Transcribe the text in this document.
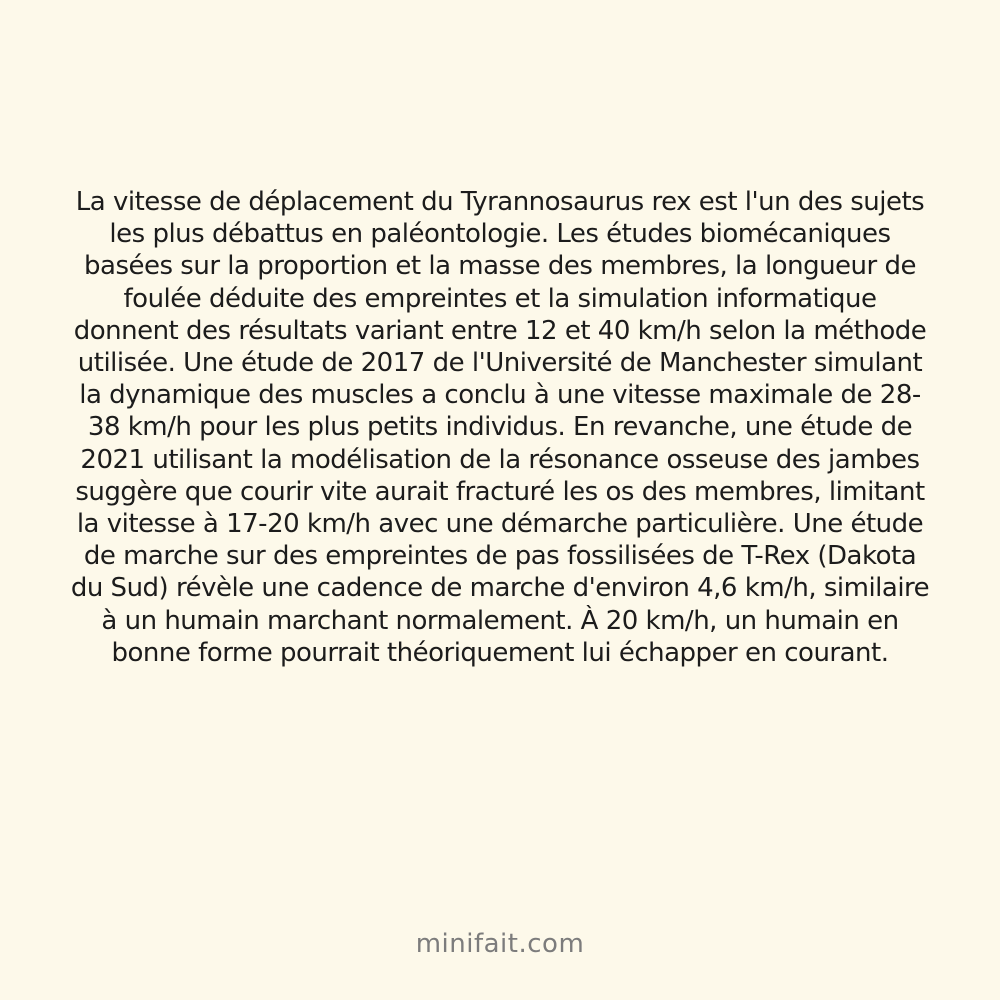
La vitesse de déplacement du Tyrannosaurus rex est l'un des sujets les plus débattus en paléontologie. Les études biomécaniques basées sur la proportion et la masse des membres, la longueur de foulée déduite des empreintes et la simulation informatique donnent des résultats variant entre 12 et 40 km/h selon la méthode utilisée. Une étude de 2017 de l'Université de Manchester simulant la dynamique des muscles a conclu à une vitesse maximale de 28-38 km/h pour les plus petits individus. En revanche, une étude de 2021 utilisant la modélisation de la résonance osseuse des jambes suggère que courir vite aurait fracturé les os des membres, limitant la vitesse à 17-20 km/h avec une démarche particulière. Une étude de marche sur des empreintes de pas fossilisées de T-Rex (Dakota du Sud) révèle une cadence de marche d'environ 4,6 km/h, similaire à un humain marchant normalement. À 20 km/h, un humain en bonne forme pourrait théoriquement lui échapper en courant.

minifait.com
